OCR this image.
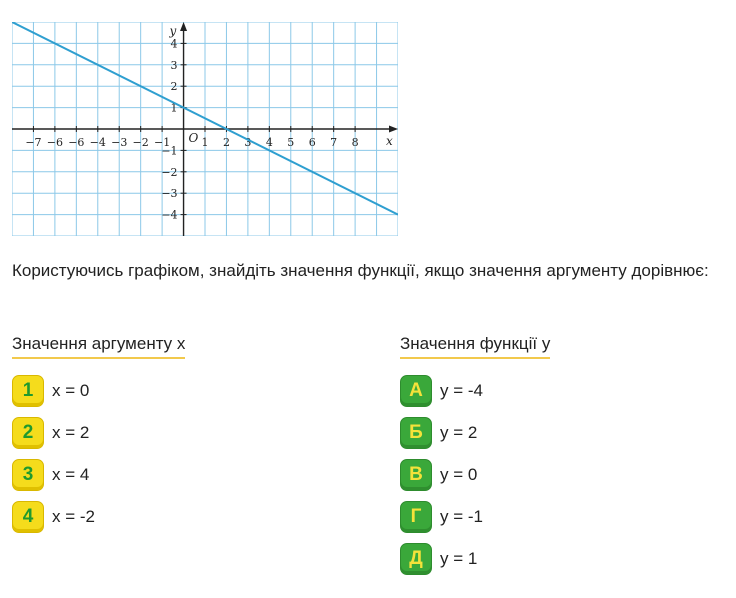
−7 −6 −6 −4 −3 −2 −1	1 2 3 4 5 6 7 8
4
3
2
1
−1
−2
−3
−4
O	x
y
Користуючись графіком, знайдіть значення функції, якщо значення аргументу дорівнює:
Значення аргументу x	Значення функції y
1	x = 0
2	x = 2
3	x = 4
4	x = -2
А	y = -4
Б	y = 2
В	y = 0
Г	y = -1
Д	y = 1
